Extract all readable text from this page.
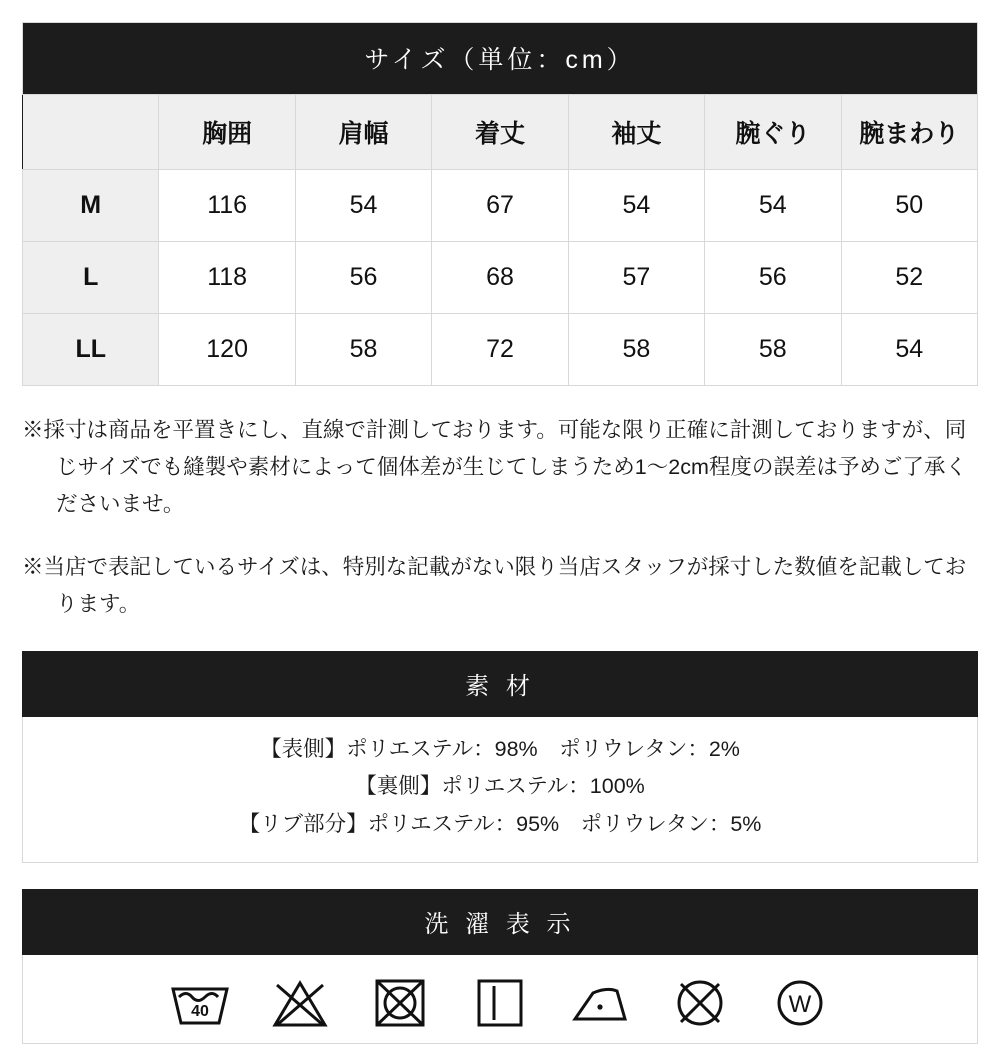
サイズ（単位：cm）						
	胸囲	肩幅	着丈	袖丈	腕ぐり	腕まわり
M	116	54	67	54	54	50
L	118	56	68	57	56	52
LL	120	58	72	58	58	54
※採寸は商品を平置きにし、直線で計測しております。可能な限り正確に計測しておりますが、同じサイズでも縫製や素材によって個体差が生じてしまうため1〜2cm程度の誤差は予めご了承くださいませ。
※当店で表記しているサイズは、特別な記載がない限り当店スタッフが採寸した数値を記載しております。
素 材
【表側】ポリエステル：98%　ポリウレタン：2%
【裏側】ポリエステル：100%
【リブ部分】ポリエステル：95%　ポリウレタン：5%
洗 濯 表 示
40	W
